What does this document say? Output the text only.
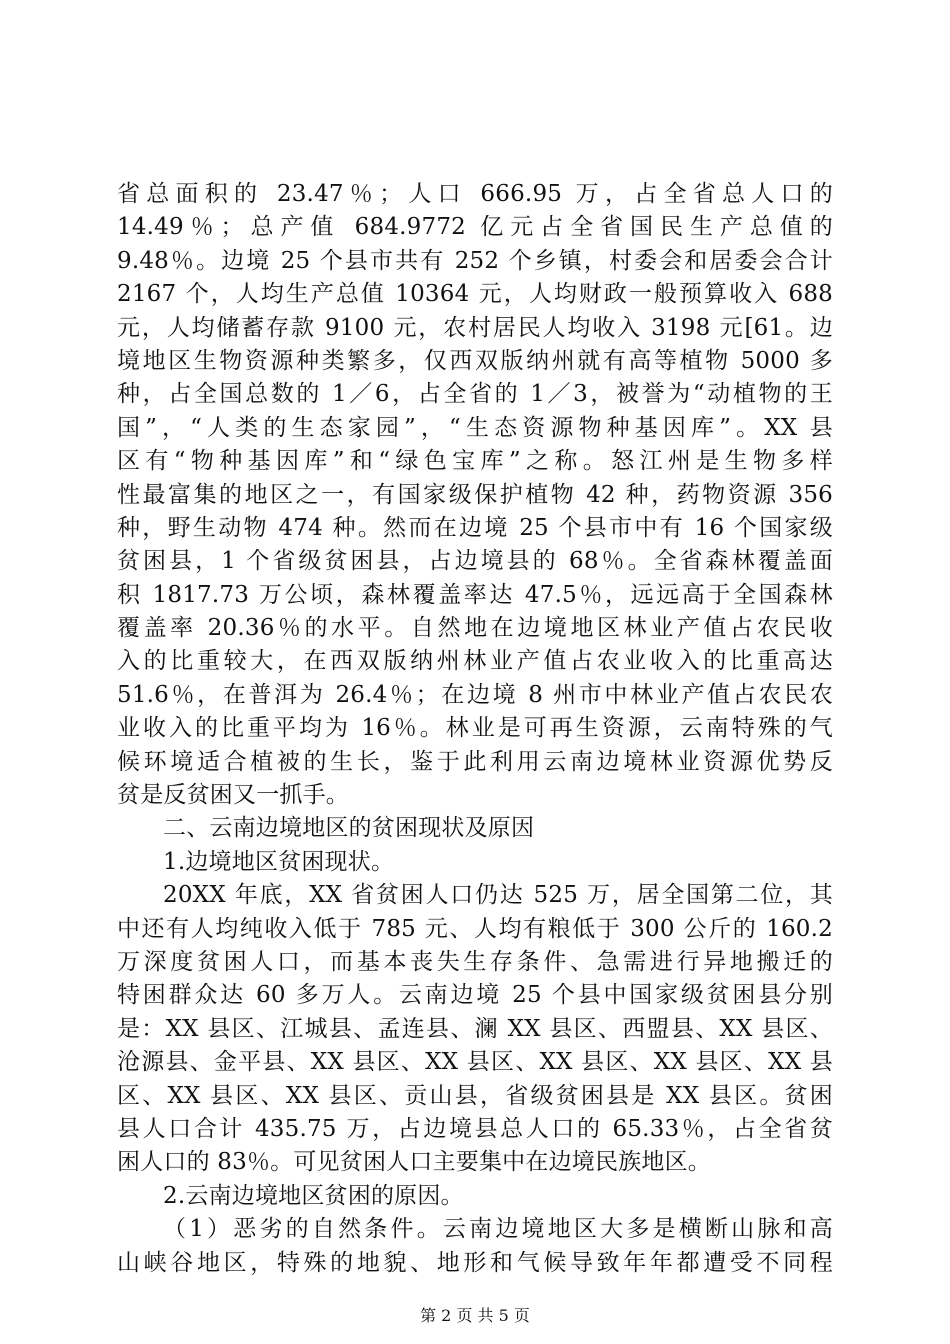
省总面积的 23.47％；人口 666.95 万，占全省总人口的
14.49％；总产值 684.9772 亿元占全省国民生产总值的
9.48％。边境 25 个县市共有 252 个乡镇，村委会和居委会合计
2167 个，人均生产总值 10364 元，人均财政一般预算收入 688
元，人均储蓄存款 9100 元，农村居民人均收入 3198 元[61。边
境地区生物资源种类繁多，仅西双版纳州就有高等植物 5000 多
种，占全国总数的 1／6，占全省的 1／3，被誉为“动植物的王
国”，“人类的生态家园”，“生态资源物种基因库”。XX 县
区有“物种基因库”和“绿色宝库”之称。怒江州是生物多样
性最富集的地区之一，有国家级保护植物 42 种，药物资源 356
种，野生动物 474 种。然而在边境 25 个县市中有 16 个国家级
贫困县，1 个省级贫困县，占边境县的 68％。全省森林覆盖面
积 1817.73 万公顷，森林覆盖率达 47.5％，远远高于全国森林
覆盖率 20.36％的水平。自然地在边境地区林业产值占农民收
入的比重较大，在西双版纳州林业产值占农业收入的比重高达
51.6％，在普洱为 26.4％；在边境 8 州市中林业产值占农民农
业收入的比重平均为 16％。林业是可再生资源，云南特殊的气
候环境适合植被的生长，鉴于此利用云南边境林业资源优势反
贫是反贫困又一抓手。
二、云南边境地区的贫困现状及原因
1.边境地区贫困现状。
20XX 年底，XX 省贫困人口仍达 525 万，居全国第二位，其
中还有人均纯收入低于 785 元、人均有粮低于 300 公斤的 160.2
万深度贫困人口，而基本丧失生存条件、急需进行异地搬迁的
特困群众达 60 多万人。云南边境 25 个县中国家级贫困县分别
是：XX 县区、江城县、孟连县、澜 XX 县区、西盟县、XX 县区、
沧源县、金平县、XX 县区、XX 县区、XX 县区、XX 县区、XX 县
区、XX 县区、XX 县区、贡山县，省级贫困县是 XX 县区。贫困
县人口合计 435.75 万，占边境县总人口的 65.33％，占全省贫
困人口的 83％。可见贫困人口主要集中在边境民族地区。
2.云南边境地区贫困的原因。
（1）恶劣的自然条件。云南边境地区大多是横断山脉和高
山峡谷地区，特殊的地貌、地形和气候导致年年都遭受不同程
第 2 页 共 5 页
